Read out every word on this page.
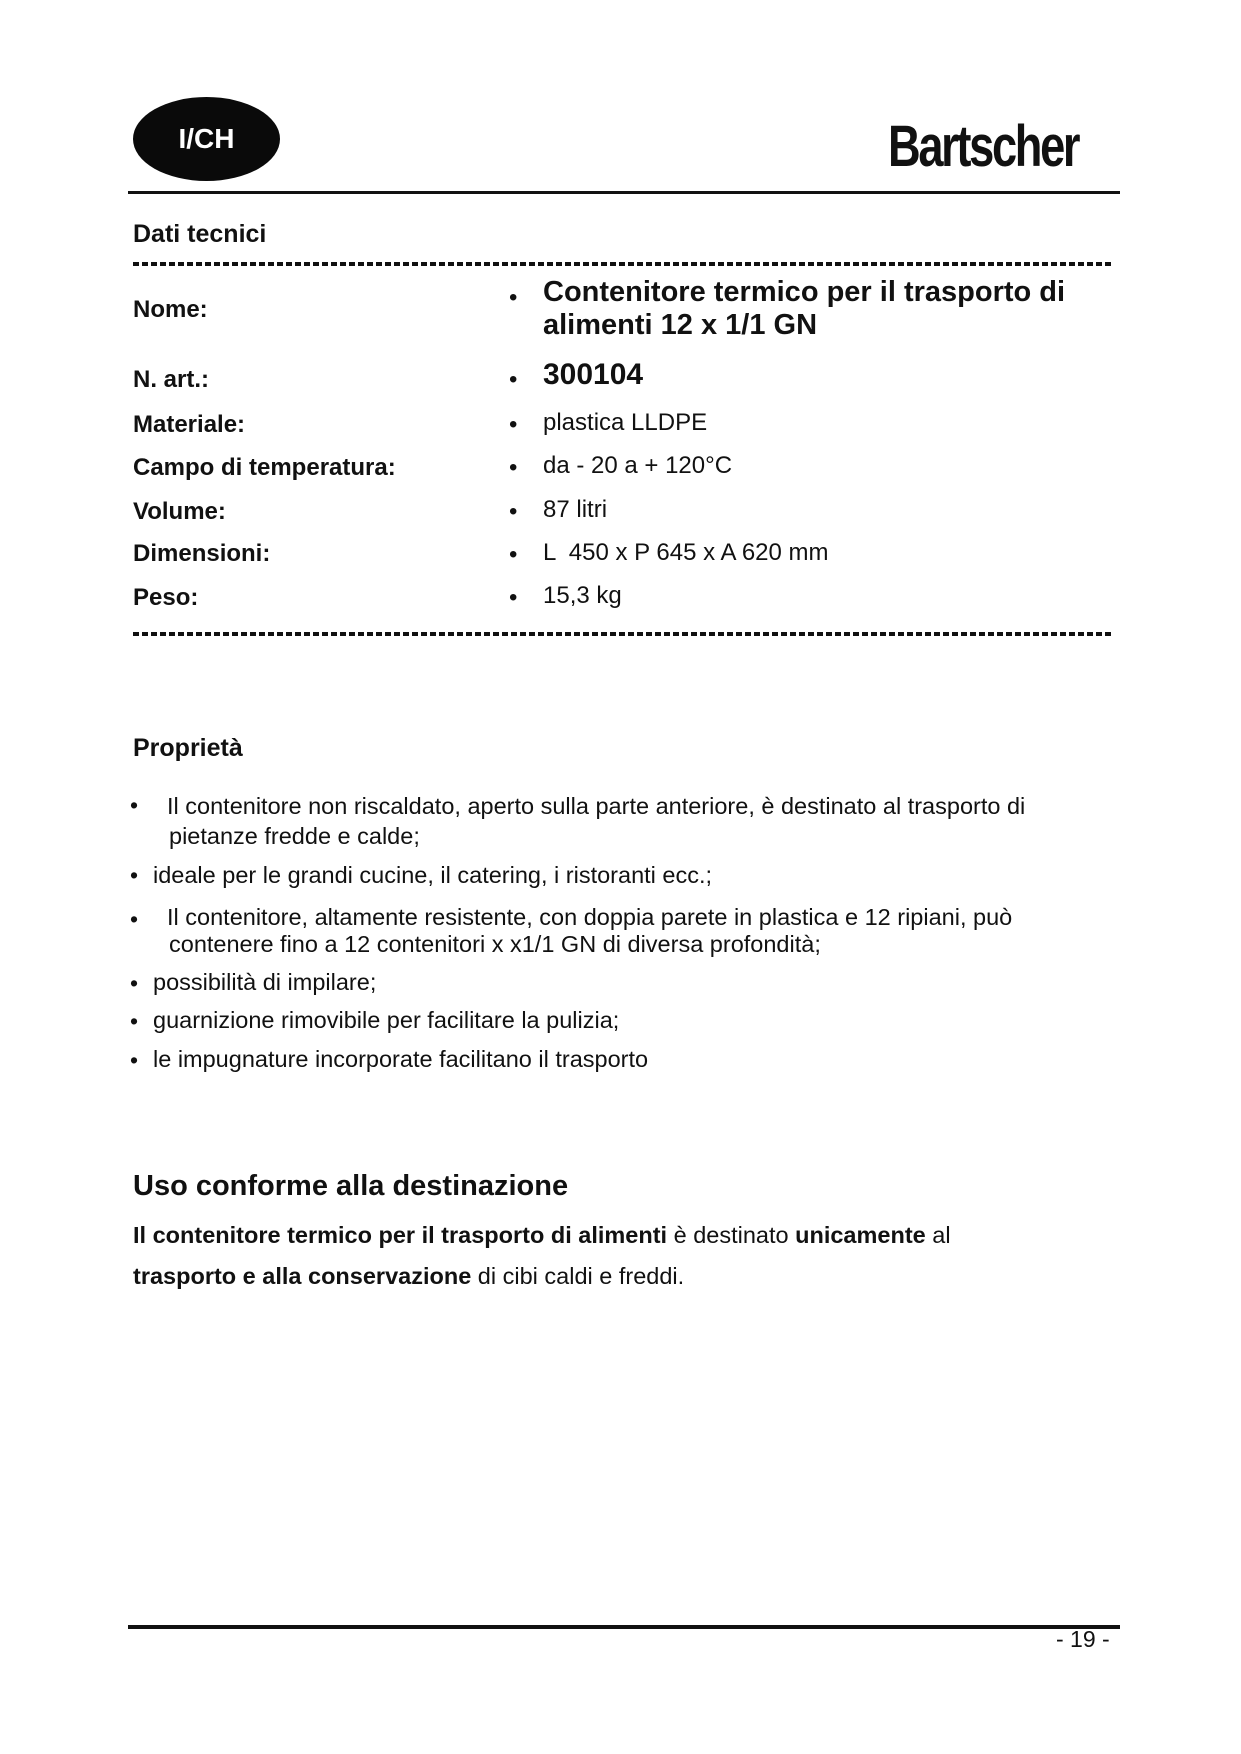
I/CH	Bartscher
Dati tecnici
Nome:	• Contenitore termico per il trasporto di
alimenti 12 x 1/1 GN
N. art.:	• 300104
Materiale:	• plastica LLDPE
Campo di temperatura:	• da - 20 a + 120°C
Volume:	• 87 litri
Dimensioni:	• L  450 x P 645 x A 620 mm
Peso:	• 15,3 kg
Proprietà
• Il contenitore non riscaldato, aperto sulla parte anteriore, è destinato al trasporto di
pietanze fredde e calde;
• ideale per le grandi cucine, il catering, i ristoranti ecc.;
• Il contenitore, altamente resistente, con doppia parete in plastica e 12 ripiani, può
contenere fino a 12 contenitori x x1/1 GN di diversa profondità;
• possibilità di impilare;
• guarnizione rimovibile per facilitare la pulizia;
• le impugnature incorporate facilitano il trasporto
Uso conforme alla destinazione
Il contenitore termico per il trasporto di alimenti è destinato unicamente al
trasporto e alla conservazione di cibi caldi e freddi.
- 19 -
